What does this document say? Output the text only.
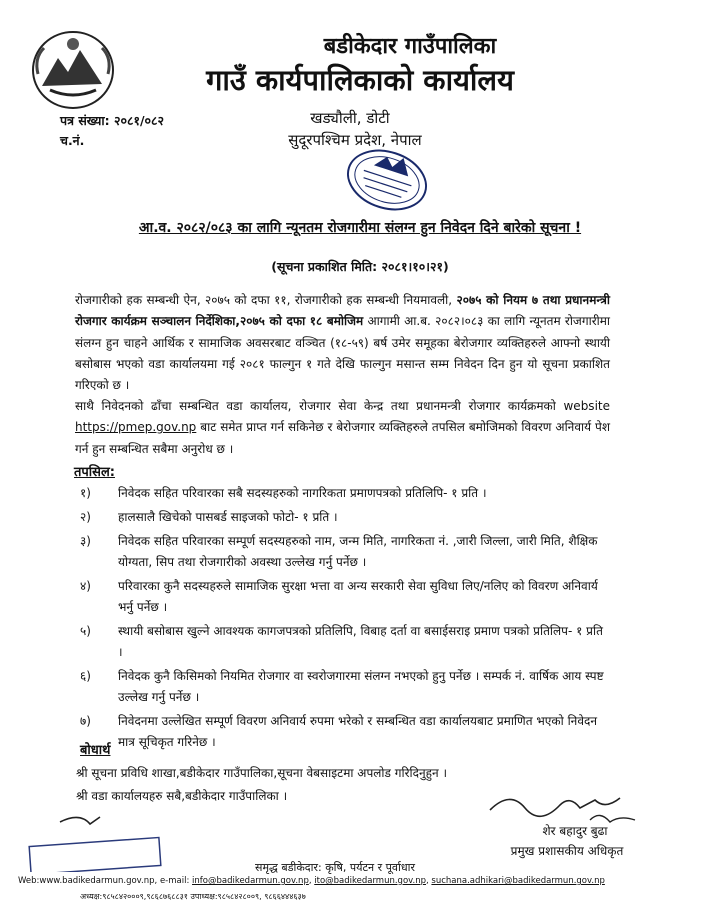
बडीकेदार गाउँपालिका
गाउँ कार्यपालिकाको कार्यालय
पत्र संख्या: २०८१/०८२
च.नं.
खड्यौली, डोटी
सुदूरपश्चिम प्रदेश, नेपाल
आ.व. २०८२/०८३ का लागि न्यूनतम रोजगारीमा संलग्न हुन निवेदन दिने बारेको सूचना !
(सूचना प्रकाशित मिति: २०८१।१०।२१)
रोजगारीको हक सम्बन्धी ऐन, २०७५ को दफा ११, रोजगारीको हक सम्बन्धी नियमावली, २०७५ को नियम ७ तथा प्रधानमन्त्री रोजगार कार्यक्रम सञ्चालन निर्देशिका,२०७५ को दफा १८ बमोजिम आगामी आ.ब. २०८२।०८३ का लागि न्यूनतम रोजगारीमा संलग्न हुन चाहने आर्थिक र सामाजिक अवसरबाट वञ्चित (१८-५९) बर्ष उमेर समूहका बेरोजगार व्यक्तिहरुले आफ्नो स्थायी बसोबास भएको वडा कार्यालयमा गई २०८१ फाल्गुन १ गते देखि फाल्गुन मसान्त सम्म निवेदन दिन हुन यो सूचना प्रकाशित गरिएको छ ।
साथै निवेदनको ढाँचा सम्बन्धित वडा कार्यालय, रोजगार सेवा केन्द्र तथा प्रधानमन्त्री रोजगार कार्यक्रमको website https://pmep.gov.np बाट समेत प्राप्त गर्न सकिनेछ र बेरोजगार व्यक्तिहरुले तपसिल बमोजिमको विवरण अनिवार्य पेश गर्न हुन सम्बन्धित सबैमा अनुरोध छ ।
तपसिल:
१)	निवेदक सहित परिवारका सबै सदस्यहरुको नागरिकता प्रमाणपत्रको प्रतिलिपि- १ प्रति ।
२)	हालसालै खिचेको पासबर्ड साइजको फोटो- १ प्रति ।
३)	निवेदक सहित परिवारका सम्पूर्ण सदस्यहरुको नाम, जन्म मिति, नागरिकता नं. ,जारी जिल्ला, जारी मिति, शैक्षिक योग्यता, सिप तथा रोजगारीको अवस्था उल्लेख गर्नु पर्नेछ ।
४)	परिवारका कुनै सदस्यहरुले सामाजिक सुरक्षा भत्ता वा अन्य सरकारी सेवा सुविधा लिए/नलिए को विवरण अनिवार्य भर्नु पर्नेछ ।
५)	स्थायी बसोबास खुल्ने आवश्यक कागजपत्रको प्रतिलिपि, विबाह दर्ता वा बसाईसराइ प्रमाण पत्रको प्रतिलिप- १ प्रति ।
६)	निवेदक कुनै किसिमको नियमित रोजगार वा स्वरोजगारमा संलग्न नभएको हुनु पर्नेछ । सम्पर्क नं. वार्षिक आय स्पष्ट उल्लेख गर्नु पर्नेछ ।
७)	निवेदनमा उल्लेखित सम्पूर्ण विवरण अनिवार्य रुपमा भरेको र सम्बन्धित वडा कार्यालयबाट प्रमाणित भएको निवेदन मात्र सूचिकृत गरिनेछ ।
बोधार्थ
श्री सूचना प्रविधि शाखा,बडीकेदार गाउँपालिका,सूचना वेबसाइटमा अपलोड गरिदिनुहुन ।
श्री वडा कार्यालयहरु सबै,बडीकेदार गाउँपालिका ।
शेर बहादुर बुढा
प्रमुख प्रशासकीय अधिकृत
समृद्ध बडीकेदार: कृषि, पर्यटन र पूर्वाधार
Web:www.badikedarmun.gov.np, e-mail: info@badikedarmun.gov.np, ito@badikedarmun.gov.np, suchana.adhikari@badikedarmun.gov.np
अध्यक्ष:९८५८४२०००९,९८६८७६८८३१ उपाध्यक्ष:९८५८४२८००९, ९८६६४४४६३७
